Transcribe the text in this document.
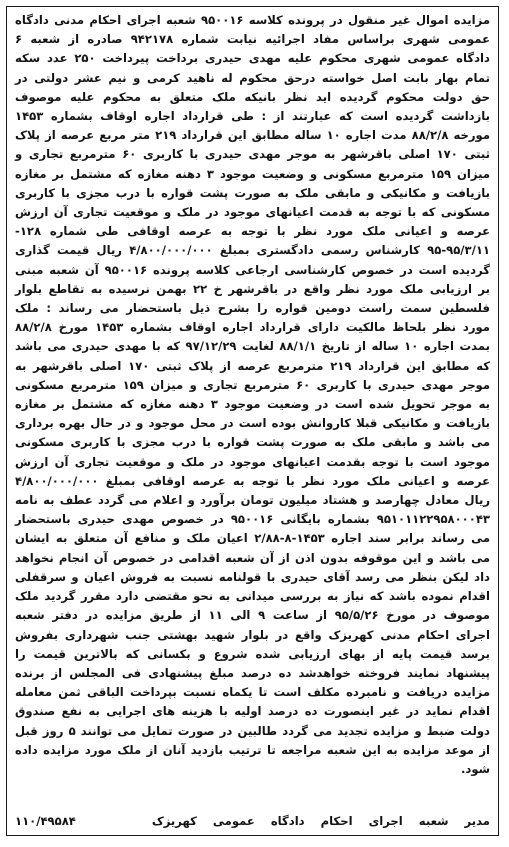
مزایده اموال غیر منقول در پرونده کلاسه ۹۵۰۰۱۶ شعبه اجرای احکام مدنی دادگاه عمومی شهری براساس مفاد اجرائیه نیابت شماره ۹۴۲۱۷۸ صادره از شعبه ۶ دادگاه عمومی شهری محکوم علیه مهدی حیدری برداخت پیرداخت ۲۵۰ عدد سکه تمام بهار بابت اصل خواسته درحق محکوم له ناهید کرمی و نیم عشر دولتی در حق دولت محکوم گردیده اید نظر بانیکه ملک متعلق به محکوم علیه موصوف بازداشت گردیده است که عبارتند از : طی قرارداد اجاره اوقاف بشماره ۱۴۵۳ مورخه ۸۸/۲/۸ مدت اجاره ۱۰ ساله مطابق این قرارداد ۲۱۹ متر مربع عرصه از پلاک ثبتی ۱۷۰ اصلی باقرشهر به موجر مهدی حیدری با کاربری ۶۰ مترمربع تجاری و میزان ۱۵۹ مترمربع مسکونی و وضعیت موجود ۳ دهنه مغازه که مشتمل بر مغازه بازیافت و مکانیکی و مابقی ملک به صورت پشت قواره با درب مجزی با کاربری مسکونی که با توجه به قدمت اعیانهای موجود در ملک و موقعیت تجاری آن ارزش عرصه و اعیانی ملک مورد نظر با توجه به عرصه اوقافی طی شماره ۱۲۸- ۹۵/۳/۱۱-۹۵ کارشناس رسمی دادگستری بمبلغ ۴/۸۰۰/۰۰۰/۰۰۰ ریال قیمت گذاری گردیده است در خصوص کارشناسی ارجاعی کلاسه پرونده ۹۵۰۰۱۶ آن شعبه مبنی بر ارزیابی ملک مورد نظر واقع در باقرشهر خ ۲۲ بهمن نرسیده به تقاطع بلوار فلسطین سمت راست دومین قواره را بشرح ذیل باستحضار می رساند : ملک مورد نظر بلحاظ مالکیت دارای قرارداد اجاره اوقاف بشماره ۱۴۵۳ مورخ ۸۸/۲/۸ بمدت اجاره ۱۰ ساله از تاریخ ۸۸/۱/۱ لغایت ۹۷/۱۲/۲۹ که با مهدی حیدری می باشد که مطابق این قرارداد ۲۱۹ مترمربع عرصه از پلاک ثبتی ۱۷۰ اصلی باقرشهر به موجر مهدی حیدری با کاربری ۶۰ مترمربع تجاری و میزان ۱۵۹ مترمربع مسکونی به موجر تحویل شده است در وضعیت موجود ۳ دهنه مغازه که مشتمل بر مغازه بازیافت و مکانیکی قبلا کاروانش بوده است در محل موجود و در حال بهره برداری می باشد و مابقی ملک به صورت پشت قواره با درب مجزی با کاربری مسکونی موجود است با توجه بقدمت اعیانهای موجود در ملک و موقعیت تجاری آن ارزش عرصه و اعیانی ملک مورد نظر با توجه به عرصه اوقافی بمبلغ ۴/۸۰۰/۰۰۰/۰۰۰ ریال معادل چهارصد و هشتاد میلیون تومان برآورد و اعلام می گردد عطف به نامه ۹۵۱۰۱۱۲۲۹۵۸۰۰۰۴۳ بشماره بایگانی ۹۵۰۰۱۶ در خصوص مهدی حیدری باستحضار می رساند برابر سند اجاره ۱۴۵۳-۸-۲/۸۸ اعیان ملک و منافع آن متعلق به ایشان می باشد و این موقوفه بدون اذن از آن شعبه اقدامی در خصوص آن انجام نخواهد داد لیکن بنظر می رسد آقای حیدری با قولنامه نسبت به فروش اعیان و سرقفلی اقدام نموده باشد که نیاز به بررسی میدانی به نحو مقتضی دارد مقرر گردید ملک موصوف در مورخ ۹۵/۵/۲۶ از ساعت ۹ الی ۱۱ از طریق مزایده در دفتر شعبه اجرای احکام مدنی کهریزک واقع در بلوار شهید بهشتی جنب شهرداری بفروش برسد قیمت پایه از بهای ارزیابی شده شروع و بکسانی که بالاترین قیمت را پیشنهاد نمایند فروخته خواهدشد ده درصد مبلغ پیشنهادی فی المجلس از برنده مزایده دریافت و نامبرده مکلف است تا یکماه نسبت بپرداخت الباقی ثمن معامله اقدام نماید در غیر اینصورت ده درصد اولیه با هزینه های اجرایی به نفع صندوق دولت ضبط و مزایده تجدید می گردد طالبین در صورت تمایل می توانند ۵ روز قبل از موعد مزایده به این شعبه مراجعه تا ترتیب بازدید آنان از ملک مورد مزایده داده شود.
مدیر شعبه اجرای احکام دادگاه عمومی کهریزک
۱۱۰/۴۹۵۸۴
